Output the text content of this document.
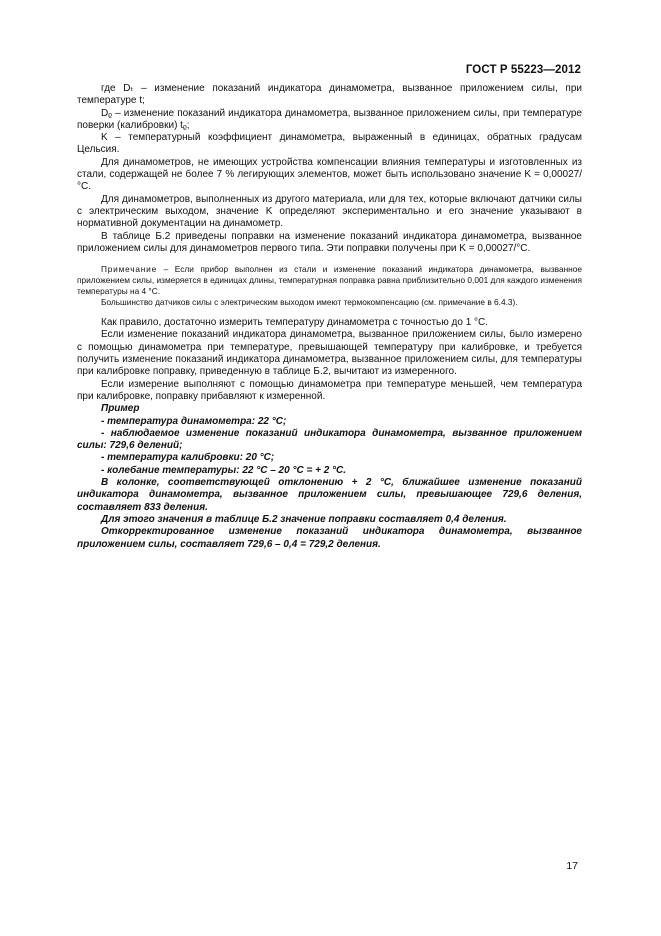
ГОСТ Р 55223—2012

где Dₜ – изменение показаний индикатора динамометра, вызванное приложением силы, при температуре t;

Dᵨ – изменение показаний индикатора динамометра, вызванное приложением силы, при температуре поверки (калибровки) tᵨ;

K – температурный коэффициент динамометра, выраженный в единицах, обратных градусам Цельсия.

Для динамометров, не имеющих устройства компенсации влияния температуры и изготовленных из стали, содержащей не более 7 % легирующих элементов, может быть использовано значение K = 0,00027/°C.

Для динамометров, выполненных из другого материала, или для тех, которые включают датчики силы с электрическим выходом, значение K определяют экспериментально и его значение указывают в нормативной документации на динамометр.

В таблице Б.2 приведены поправки на изменение показаний индикатора динамометра, вызванное приложением силы для динамометров первого типа. Эти поправки получены при K = 0,00027/°C.

Примечание – Если прибор выполнен из стали и изменение показаний индикатора динамометра, вызванное приложением силы, измеряется в единицах длины, температурная поправка равна приблизительно 0,001 для каждого изменения температуры на 4 °C.

Большинство датчиков силы с электрическим выходом имеют термокомпенсацию (см. примечание в 6.4.3).

Как правило, достаточно измерить температуру динамометра с точностью до 1 °C.

Если изменение показаний индикатора динамометра, вызванное приложением силы, было измерено с помощью динамометра при температуре, превышающей температуру при калибровке, и требуется получить изменение показаний индикатора динамометра, вызванное приложением силы, для температуры при калибровке поправку, приведенную в таблице Б.2, вычитают из измеренного.

Если измерение выполняют с помощью динамометра при температуре меньшей, чем температура при калибровке, поправку прибавляют к измеренной.

Пример

- температура динамометра: 22 °C;

- наблюдаемое изменение показаний индикатора динамометра, вызванное приложением силы: 729,6 делений;

- температура калибровки: 20 °C;

- колебание температуры: 22 °C – 20 °C = + 2 °C.

В колонке, соответствующей отклонению + 2 °C, ближайшее изменение показаний индикатора динамометра, вызванное приложением силы, превышающее 729,6 деления, составляет 833 деления.

Для этого значения в таблице Б.2 значение поправки составляет 0,4 деления.

Откорректированное изменение показаний индикатора динамометра, вызванное приложением силы, составляет 729,6 – 0,4 = 729,2 деления.

17
